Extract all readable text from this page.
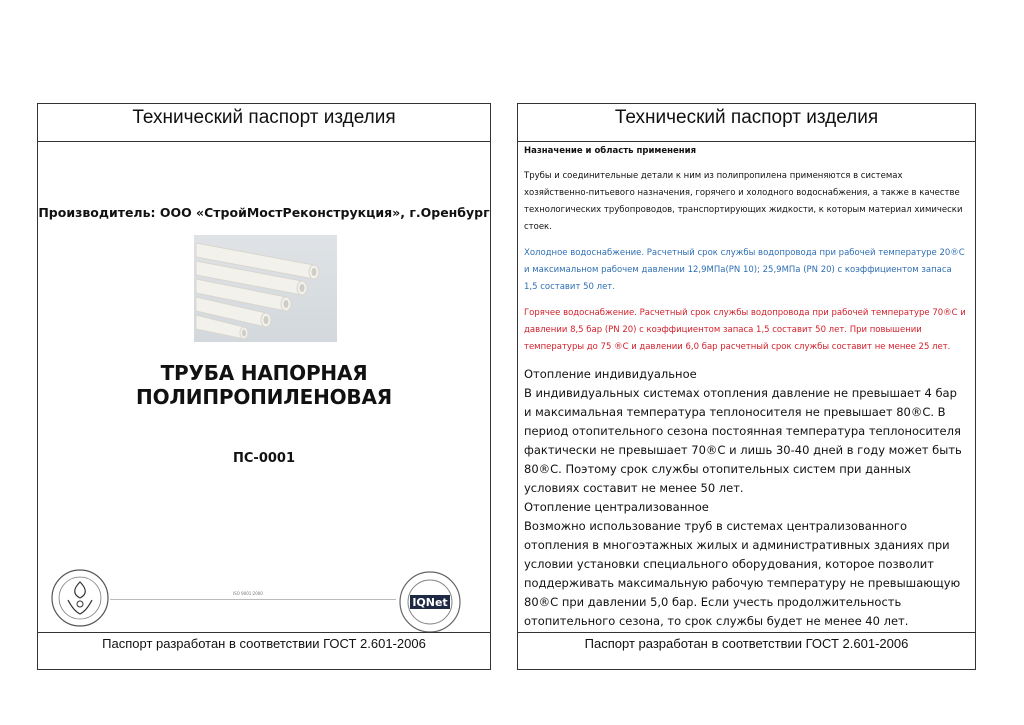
Технический паспорт изделия
Производитель: ООО «СтройМостРеконструкция», г.Оренбург
ТРУБА НАПОРНАЯ ПОЛИПРОПИЛЕНОВАЯ
ПС-0001
ISO 9001:2000
IQNet
Паспорт разработан в соответствии ГОСТ 2.601-2006
Технический паспорт изделия
Назначение и область применения

Трубы и соединительные детали к ним из полипропилена применяются в системах хозяйственно-питьевого назначения, горячего и холодного водоснабжения, а также в качестве технологических трубопроводов, транспортирующих жидкости, к которым материал химически стоек.

Холодное водоснабжение. Расчетный срок службы водопровода при рабочей температуре 20®С и максимальном рабочем давлении 12,9МПа(PN 10); 25,9МПа (PN 20) с коэффициентом запаса 1,5 составит 50 лет.

Горячее водоснабжение. Расчетный срок службы водопровода при рабочей температуре 70®С и давлении 8,5 бар (PN 20) с коэффициентом запаса 1,5 составит 50 лет. При повышении температуры до 75 ®С и давлении 6,0 бар расчетный срок службы составит не менее 25 лет.

Отопление индивидуальное

В индивидуальных системах отопления давление не превышает 4 бар и максимальная температура теплоносителя не превышает 80®С. В период отопительного сезона постоянная температура теплоносителя фактически не превышает 70®С и лишь 30-40 дней в году может быть 80®С. Поэтому срок службы отопительных систем при данных условиях составит не менее 50 лет.

Отопление централизованное

Возможно использование труб в системах централизованного отопления в многоэтажных жилых и административных зданиях при условии установки специального оборудования, которое позволит поддерживать максимальную рабочую температуру не превышающую 80®С при давлении 5,0 бар. Если учесть продолжительность отопительного сезона, то срок службы будет не менее 40 лет.

Паспорт разработан в соответствии ГОСТ 2.601-2006
